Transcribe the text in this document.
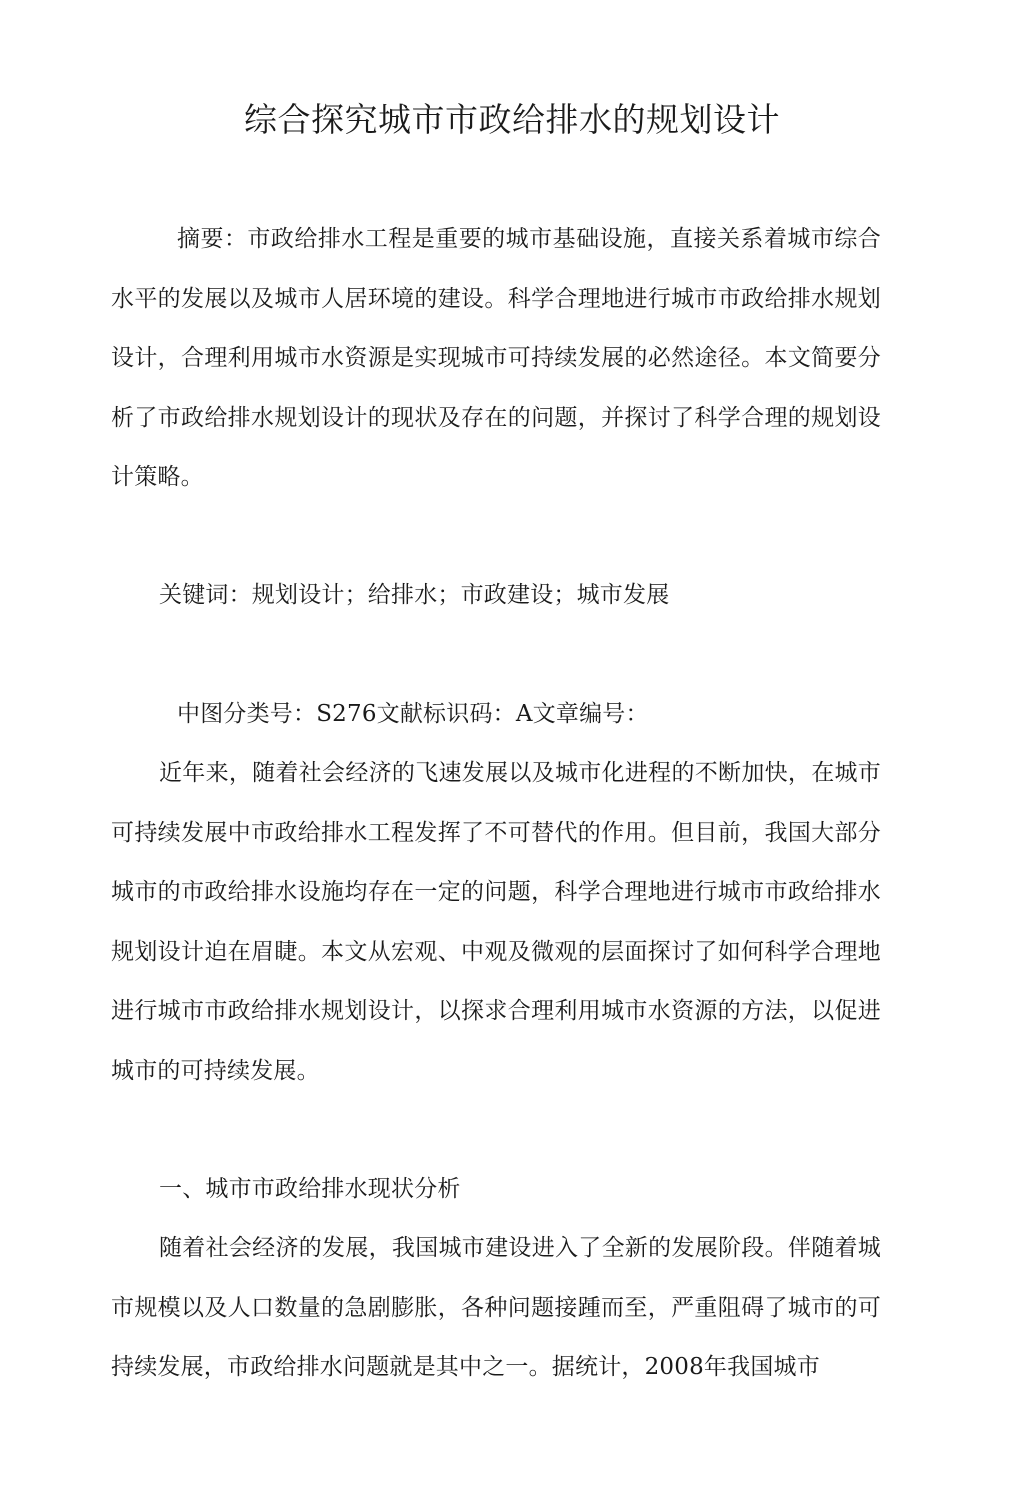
综合探究城市市政给排水的规划设计
摘要：市政给排水工程是重要的城市基础设施，直接关系着城市综合水平的发展以及城市人居环境的建设。科学合理地进行城市市政给排水规划设计，合理利用城市水资源是实现城市可持续发展的必然途径。本文简要分析了市政给排水规划设计的现状及存在的问题，并探讨了科学合理的规划设计策略。
关键词：规划设计；给排水；市政建设；城市发展
中图分类号：S276文献标识码：A文章编号：
近年来，随着社会经济的飞速发展以及城市化进程的不断加快，在城市可持续发展中市政给排水工程发挥了不可替代的作用。但目前，我国大部分城市的市政给排水设施均存在一定的问题，科学合理地进行城市市政给排水规划设计迫在眉睫。本文从宏观、中观及微观的层面探讨了如何科学合理地进行城市市政给排水规划设计，以探求合理利用城市水资源的方法，以促进城市的可持续发展。
一、城市市政给排水现状分析
随着社会经济的发展，我国城市建设进入了全新的发展阶段。伴随着城市规模以及人口数量的急剧膨胀，各种问题接踵而至，严重阻碍了城市的可持续发展，市政给排水问题就是其中之一。据统计，2008年我国城市
